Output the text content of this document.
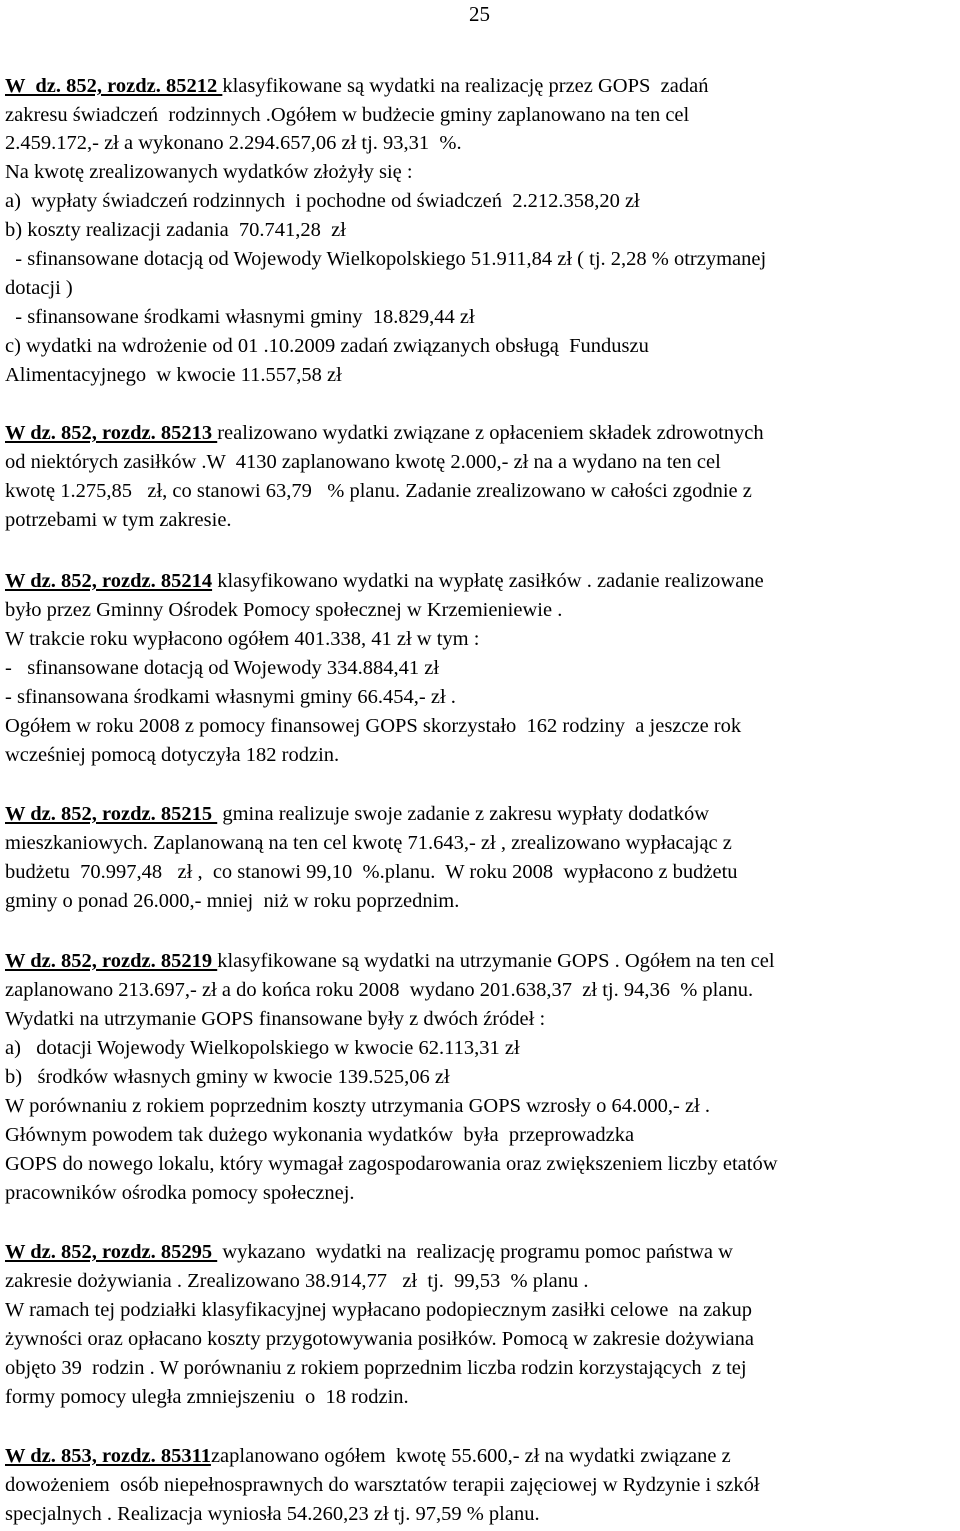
25
W  dz. 852, rozdz. 85212 klasyfikowane są wydatki na realizację przez GOPS  zadań
zakresu świadczeń  rodzinnych .Ogółem w budżecie gminy zaplanowano na ten cel
2.459.172,- zł a wykonano 2.294.657,06 zł tj. 93,31  %.
Na kwotę zrealizowanych wydatków złożyły się :
a)  wypłaty świadczeń rodzinnych  i pochodne od świadczeń  2.212.358,20 zł
b) koszty realizacji zadania  70.741,28  zł
- sfinansowane dotacją od Wojewody Wielkopolskiego 51.911,84 zł ( tj. 2,28 % otrzymanej
dotacji )
- sfinansowane środkami własnymi gminy  18.829,44 zł
c) wydatki na wdrożenie od 01 .10.2009 zadań związanych obsługą  Funduszu
Alimentacyjnego  w kwocie 11.557,58 zł
W dz. 852, rozdz. 85213 realizowano wydatki związane z opłaceniem składek zdrowotnych
od niektórych zasiłków .W  4130 zaplanowano kwotę 2.000,- zł na a wydano na ten cel
kwotę 1.275,85   zł, co stanowi 63,79   % planu. Zadanie zrealizowano w całości zgodnie z
potrzebami w tym zakresie.
W dz. 852, rozdz. 85214 klasyfikowano wydatki na wypłatę zasiłków . zadanie realizowane
było przez Gminny Ośrodek Pomocy społecznej w Krzemieniewie .
W trakcie roku wypłacono ogółem 401.338, 41 zł w tym :
-   sfinansowane dotacją od Wojewody 334.884,41 zł
- sfinansowana środkami własnymi gminy 66.454,- zł .
Ogółem w roku 2008 z pomocy finansowej GOPS skorzystało  162 rodziny  a jeszcze rok
wcześniej pomocą dotyczyła 182 rodzin.
W dz. 852, rozdz. 85215  gmina realizuje swoje zadanie z zakresu wypłaty dodatków
mieszkaniowych. Zaplanowaną na ten cel kwotę 71.643,- zł , zrealizowano wypłacając z
budżetu  70.997,48   zł ,  co stanowi 99,10  %.planu.  W roku 2008  wypłacono z budżetu
gminy o ponad 26.000,- mniej  niż w roku poprzednim.
W dz. 852, rozdz. 85219 klasyfikowane są wydatki na utrzymanie GOPS . Ogółem na ten cel
zaplanowano 213.697,- zł a do końca roku 2008  wydano 201.638,37  zł tj. 94,36  % planu.
Wydatki na utrzymanie GOPS finansowane były z dwóch źródeł :
a)   dotacji Wojewody Wielkopolskiego w kwocie 62.113,31 zł
b)   środków własnych gminy w kwocie 139.525,06 zł
W porównaniu z rokiem poprzednim koszty utrzymania GOPS wzrosły o 64.000,- zł .
Głównym powodem tak dużego wykonania wydatków  była  przeprowadzka
GOPS do nowego lokalu, który wymagał zagospodarowania oraz zwiększeniem liczby etatów
pracowników ośrodka pomocy społecznej.
W dz. 852, rozdz. 85295  wykazano  wydatki na  realizację programu pomoc państwa w
zakresie dożywiania . Zrealizowano 38.914,77   zł  tj.  99,53  % planu .
W ramach tej podziałki klasyfikacyjnej wypłacano podopiecznym zasiłki celowe  na zakup
żywności oraz opłacano koszty przygotowywania posiłków. Pomocą w zakresie dożywiana
objęto 39  rodzin . W porównaniu z rokiem poprzednim liczba rodzin korzystających  z tej
formy pomocy uległa zmniejszeniu  o  18 rodzin.
W dz. 853, rozdz. 85311zaplanowano ogółem  kwotę 55.600,- zł na wydatki związane z
dowożeniem  osób niepełnosprawnych do warsztatów terapii zajęciowej w Rydzynie i szkół
specjalnych . Realizacja wyniosła 54.260,23 zł tj. 97,59 % planu.
